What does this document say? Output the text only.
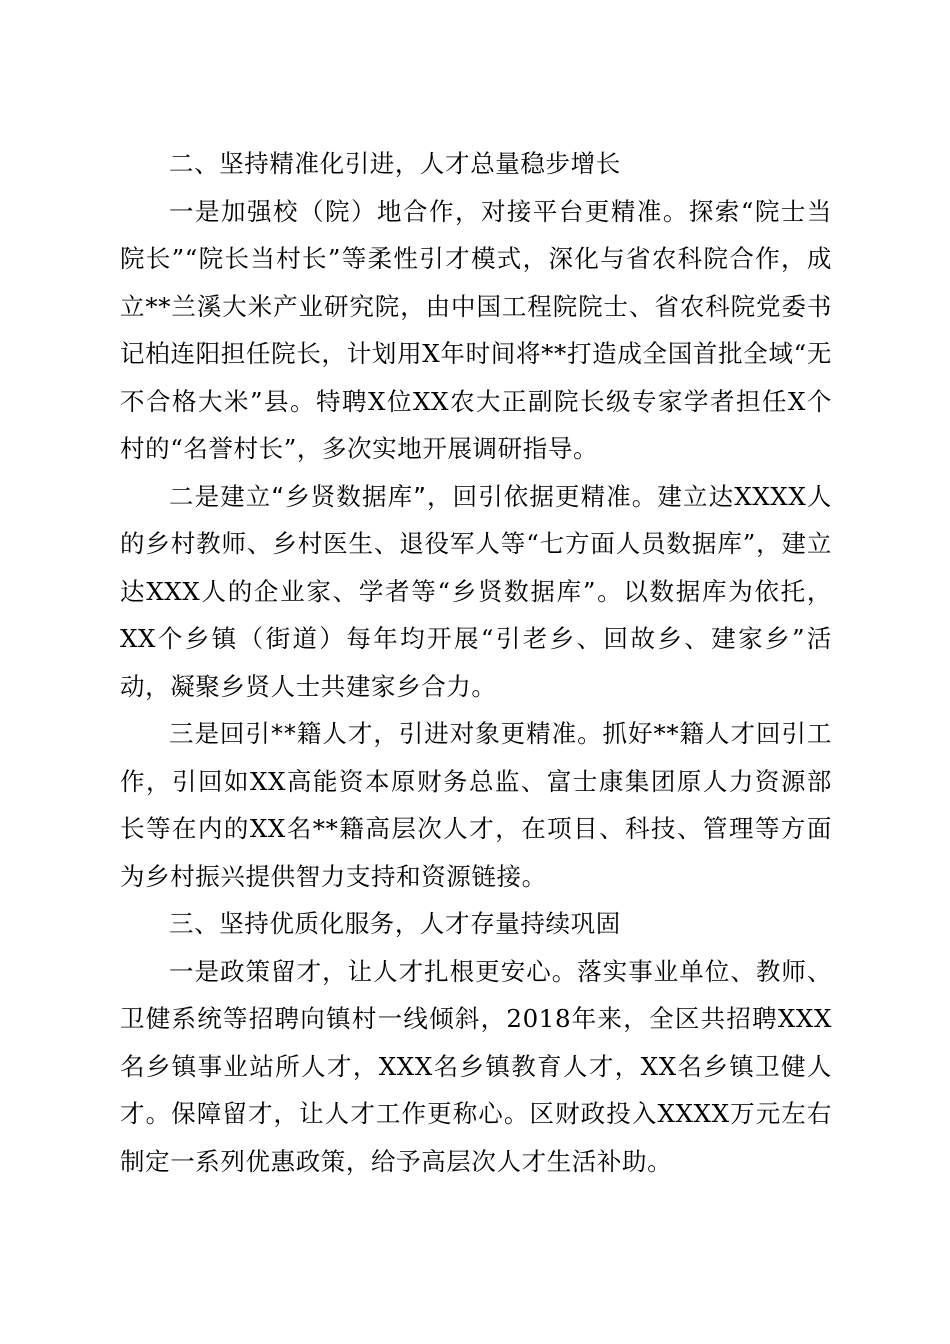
二、坚持精准化引进，人才总量稳步增长

一是加强校（院）地合作，对接平台更精准。探索“院士当院长”“院长当村长”等柔性引才模式，深化与省农科院合作，成立**兰溪大米产业研究院，由中国工程院院士、省农科院党委书记柏连阳担任院长，计划用X年时间将**打造成全国首批全域“无不合格大米”县。特聘X位XX农大正副院长级专家学者担任X个村的“名誉村长”，多次实地开展调研指导。

二是建立“乡贤数据库”，回引依据更精准。建立达XXXX人的乡村教师、乡村医生、退役军人等“七方面人员数据库”，建立达XXX人的企业家、学者等“乡贤数据库”。以数据库为依托，XX个乡镇（街道）每年均开展“引老乡、回故乡、建家乡”活动，凝聚乡贤人士共建家乡合力。

三是回引**籍人才，引进对象更精准。抓好**籍人才回引工作，引回如XX高能资本原财务总监、富士康集团原人力资源部长等在内的XX名**籍高层次人才，在项目、科技、管理等方面为乡村振兴提供智力支持和资源链接。

三、坚持优质化服务，人才存量持续巩固

一是政策留才，让人才扎根更安心。落实事业单位、教师、卫健系统等招聘向镇村一线倾斜，2018年来，全区共招聘XXX名乡镇事业站所人才，XXX名乡镇教育人才，XX名乡镇卫健人才。保障留才，让人才工作更称心。区财政投入XXXX万元左右制定一系列优惠政策，给予高层次人才生活补助。
